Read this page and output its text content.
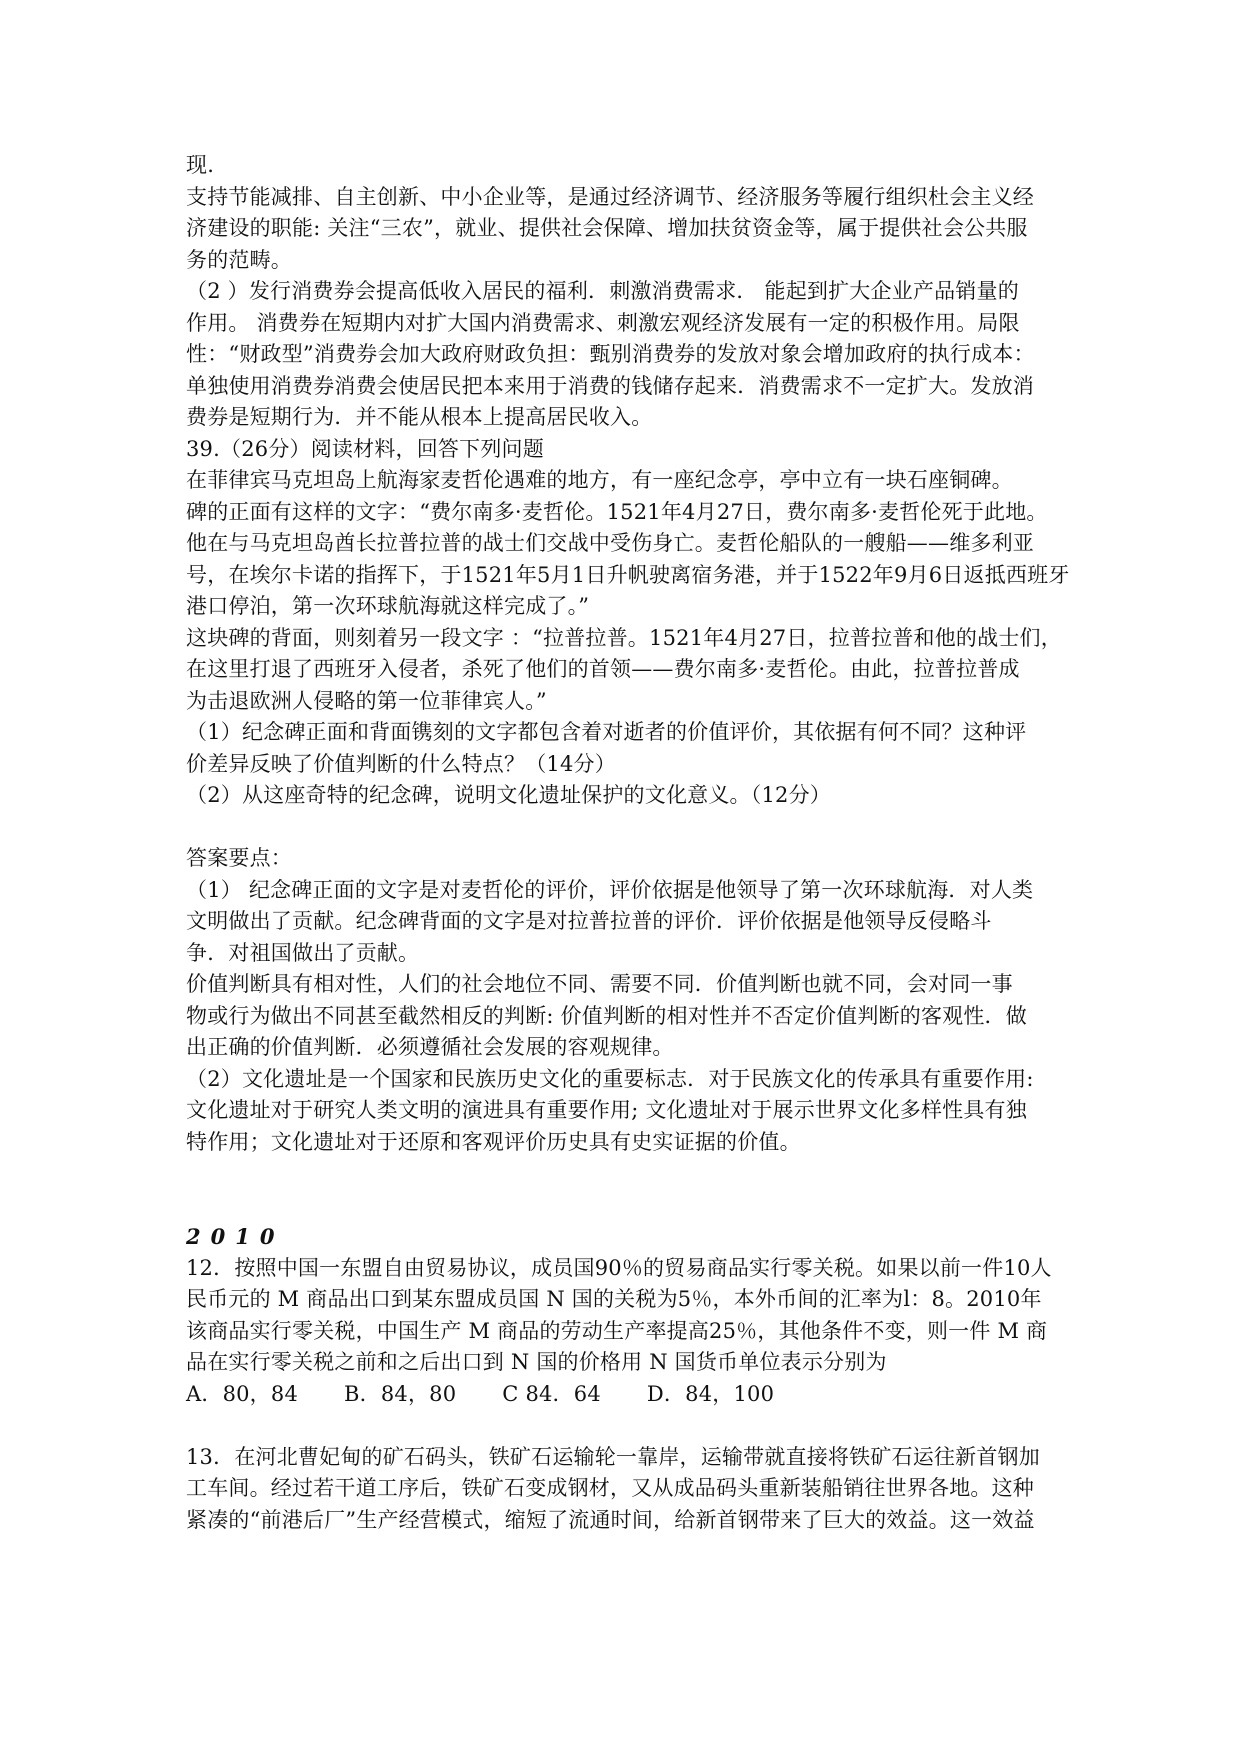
现.
支持节能减排、自主创新、中小企业等，是通过经济调节、经济服务等履行组织杜会主义经
济建设的职能: 关注“三农”，就业、提供社会保障、增加扶贫资金等，属于提供社会公共服
务的范畴。
（2 ）发行消费券会提高低收入居民的福利．刺激消费需求． 能起到扩大企业产品销量的
作用。 消费券在短期内对扩大国内消费需求、刺激宏观经济发展有一定的积极作用。局限
性：“财政型”消费券会加大政府财政负担：甄别消费券的发放对象会增加政府的执行成本：
单独使用消费券消费会使居民把本来用于消费的钱储存起来．消费需求不一定扩大。发放消
费券是短期行为．并不能从根本上提高居民收入。
39.（26分）阅读材料，回答下列问题
在菲律宾马克坦岛上航海家麦哲伦遇难的地方，有一座纪念亭，亭中立有一块石座铜碑。
碑的正面有这样的文字：“费尔南多·麦哲伦。1521年4月27日，费尔南多·麦哲伦死于此地。
他在与马克坦岛酋长拉普拉普的战士们交战中受伤身亡。麦哲伦船队的一艘船——维多利亚
号，在埃尔卡诺的指挥下，于1521年5月1日升帆驶离宿务港，并于1522年9月6日返抵西班牙
港口停泊，第一次环球航海就这样完成了。”
这块碑的背面，则刻着另一段文字 ：“拉普拉普。1521年4月27日，拉普拉普和他的战士们，
在这里打退了西班牙入侵者，杀死了他们的首领——费尔南多·麦哲伦。由此，拉普拉普成
为击退欧洲人侵略的第一位菲律宾人。”
（1）纪念碑正面和背面镌刻的文字都包含着对逝者的价值评价，其依据有何不同？这种评
价差异反映了价值判断的什么特点？（14分）
（2）从这座奇特的纪念碑，说明文化遗址保护的文化意义。（12分）
答案要点：
（1） 纪念碑正面的文字是对麦哲伦的评价，评价依据是他领导了第一次环球航海．对人类
文明做出了贡献。纪念碑背面的文字是对拉普拉普的评价．评价依据是他领导反侵略斗
争．对祖国做出了贡献。
价值判断具有相对性，人们的社会地位不同、需要不同．价值判断也就不同，会对同一事
物或行为做出不同甚至截然相反的判断: 价值判断的相对性并不否定价值判断的客观性．做
出正确的价值判断．必须遵循社会发展的容观规律。
（2）文化遗址是一个国家和民族历史文化的重要标志．对于民族文化的传承具有重要作用:
文化遗址对于研究人类文明的演进具有重要作用; 文化遗址对于展示世界文化多样性具有独
特作用；文化遗址对于还原和客观评价历史具有史实证据的价值。
2010
12．按照中国一东盟自由贸易协议，成员国90％的贸易商品实行零关税。如果以前一件10人
民币元的 M 商品出口到某东盟成员国 N 国的关税为5％，本外币间的汇率为l：8。2010年
该商品实行零关税，中国生产 M 商品的劳动生产率提高25％，其他条件不变，则一件 M 商
品在实行零关税之前和之后出口到 N 国的价格用 N 国货币单位表示分别为
A．80，84 B．84，80 C 84．64 D．84，100
13．在河北曹妃甸的矿石码头，铁矿石运输轮一靠岸，运输带就直接将铁矿石运往新首钢加
工车间。经过若干道工序后，铁矿石变成钢材，又从成品码头重新装船销往世界各地。这种
紧凑的“前港后厂”生产经营模式，缩短了流通时间，给新首钢带来了巨大的效益。这一效益
